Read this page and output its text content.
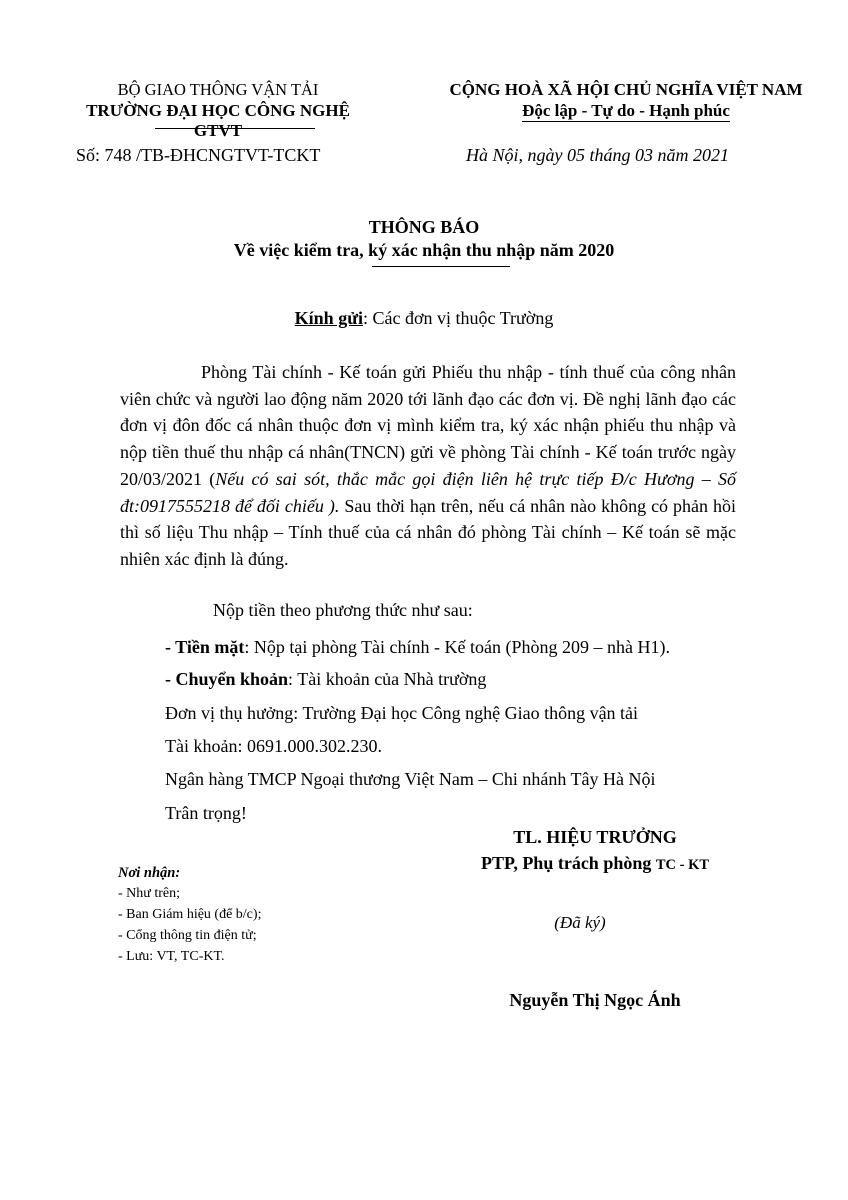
BỘ GIAO THÔNG VẬN TẢI
TRƯỜNG ĐẠI HỌC CÔNG NGHỆ GTVT
CỘNG HOÀ XÃ HỘI CHỦ NGHĨA VIỆT NAM
Độc lập - Tự do - Hạnh phúc
Số: 748 /TB-ĐHCNGTVT-TCKT	Hà Nội, ngày 05 tháng 03 năm 2021
THÔNG BÁO
Về việc kiểm tra, ký xác nhận thu nhập năm 2020
Kính gửi: Các đơn vị thuộc Trường
Phòng Tài chính - Kế toán gửi Phiếu thu nhập - tính thuế của công nhân viên chức và người lao động năm 2020 tới lãnh đạo các đơn vị. Đề nghị lãnh đạo các đơn vị đôn đốc cá nhân thuộc đơn vị mình kiểm tra, ký xác nhận phiếu thu nhập và nộp tiền thuế thu nhập cá nhân(TNCN) gửi về phòng Tài chính - Kế toán trước ngày 20/03/2021 (Nếu có sai sót, thắc mắc gọi điện liên hệ trực tiếp Đ/c Hương – Số đt:0917555218 để đối chiếu ). Sau thời hạn trên, nếu cá nhân nào không có phản hồi thì số liệu Thu nhập – Tính thuế của cá nhân đó phòng Tài chính – Kế toán sẽ mặc nhiên xác định là đúng.
Nộp tiền theo phương thức như sau:
- Tiền mặt: Nộp tại phòng Tài chính - Kế toán (Phòng 209 – nhà H1).
- Chuyển khoản: Tài khoản của Nhà trường
Đơn vị thụ hưởng: Trường Đại học Công nghệ Giao thông vận tải
Tài khoản: 0691.000.302.230.
Ngân hàng TMCP Ngoại thương Việt Nam – Chi nhánh Tây Hà Nội
Trân trọng!
TL. HIỆU TRƯỞNG
PTP, Phụ trách phòng TC - KT
(Đã ký)
Nguyễn Thị Ngọc Ánh
Nơi nhận:
- Như trên;
- Ban Giám hiệu (để b/c);
- Cổng thông tin điện tử;
- Lưu: VT, TC-KT.
